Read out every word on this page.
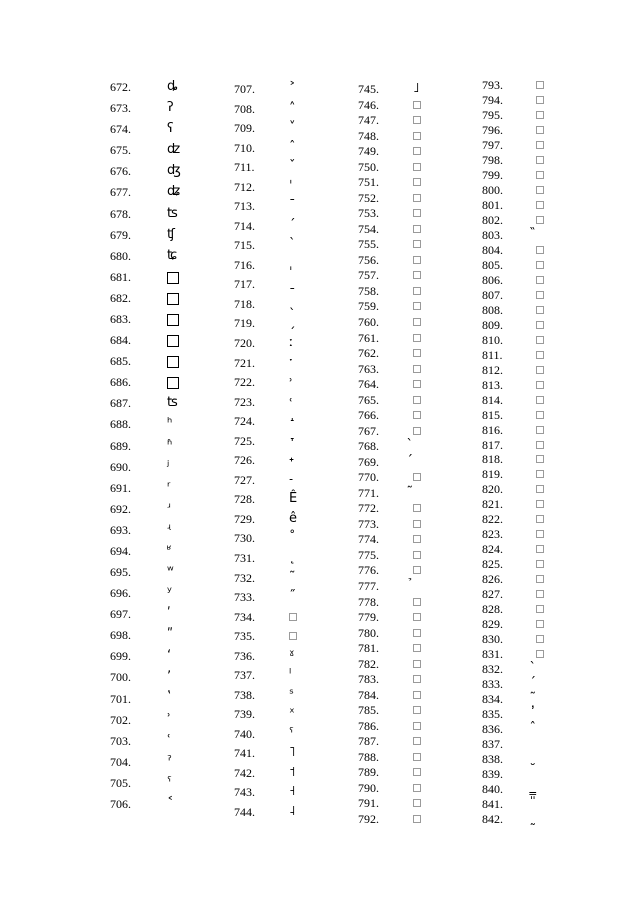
672.	ȡ
673.	ʔ
674.	ʕ
675.	ʣ
676.	ʤ
677.	ʥ
678.	ʦ
679.	ʧ
680.	ʨ
681.
682.
683.
684.
685.
686.
687.	ʦ
688.	ʰ
689.	ʱ
690.	ʲ
691.	ʳ
692.	ʴ
693.	ʵ
694.	ʶ
695.	ʷ
696.	ʸ
697.	ʹ
698.	ʺ
699.	ʻ
700.	ʼ
701.	ʽ
702.	ʾ
703.	ʿ
704.	ˀ
705.	ˁ
706.	˂
707.	˃
708.	˄
709.	˅
710.	ˆ
711.	ˇ
712.	ˈ
713.	ˉ
714.	ˊ
715.	ˋ
716.	ˌ
717.	ˍ
718.	ˎ
719.	ˏ
720.	ː
721.	ˑ
722.	˒
723.	˓
724.	˔
725.	˕
726.	˖
727.	˗
728.	Ê
729.	ê
730.	˚
731.	˛
732.	˜
733.	˝
734.
735.
736.	ˠ
737.	ˡ
738.	ˢ
739.	ˣ
740.	ˤ
741.	˥
742.	˦
743.	˧
744.	˨
745.	˩
746.
747.
748.
749.
750.
751.
752.
753.
754.
755.
756.
757.
758.
759.
760.
761.
762.
763.
764.
765.
766.
767.
768.
769.
770.
771.
772.
773.
774.
775.
776.
777.
778.
779.
780.
781.
782.
783.
784.
785.
786.
787.
788.
789.
790.
791.
792.
793.
794.
795.
796.
797.
798.
799.
800.
801.
802.
803.
804.
805.
806.
807.
808.
809.
810.
811.
812.
813.
814.
815.
816.
817.
818.
819.
820.
821.
822.
823.
824.
825.
826.
827.
828.
829.
830.
831.
832.
833.
834.
835.
836.
837.
838.
839.
840.
841.
842.
